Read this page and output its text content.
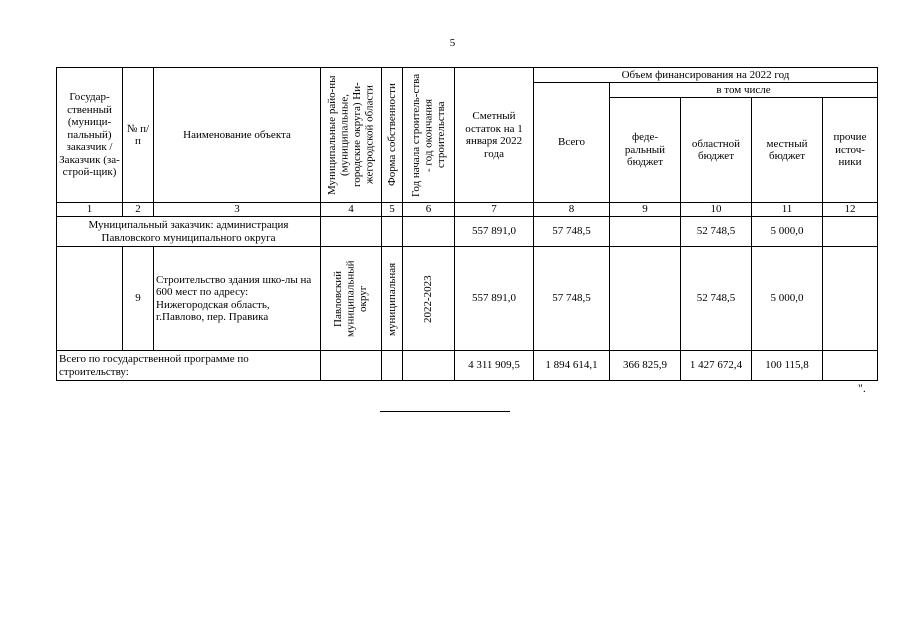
5
Государ-ственный (муници-пальный) заказчик / Заказчик (за-строй-щик)	№ п/п	Наименование объекта	Муниципальные райо-ны (муниципальные, городские округа) Ни-жегородской области	Форма собственности	Год начала строитель-ства - год окончания строительства	Сметный остаток на 1 января 2022 года	Объем финансирования на 2022 год				
							Всего	в том числе			
								феде-ральный бюджет	областной бюджет	местный бюджет	прочие источ-ники
1	2	3	4	5	6	7	8	9	10	11	12
Муниципальный заказчик: администрация Павловского муниципального округа						557 891,0	57 748,5		52 748,5	5 000,0	
	9	Строительство здания шко-лы на 600 мест по адресу: Нижегородская область, г.Павлово, пер. Правика	Павловский муниципальный округ	муниципальная	2022-2023	557 891,0	57 748,5		52 748,5	5 000,0	
Всего по государственной программе по строительству:						4 311 909,5	1 894 614,1	366 825,9	1 427 672,4	100 115,8	
".
